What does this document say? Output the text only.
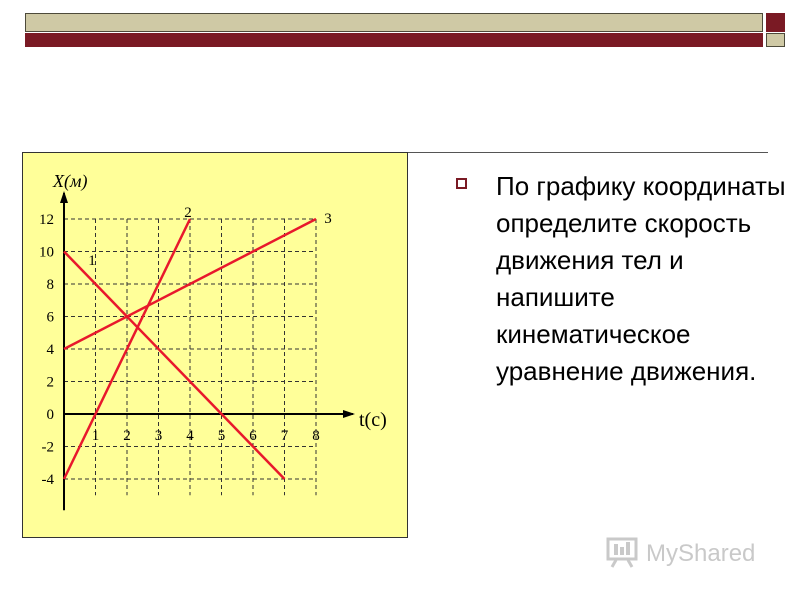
X(м)
t(c)
12
10
8
6
4
2
0
-2
-4
1 2 3 4 5 6 7 8
1
2	3
По графику координаты определите скорость движения тел и напишите кинематическое уравнение движения.
MyShared
